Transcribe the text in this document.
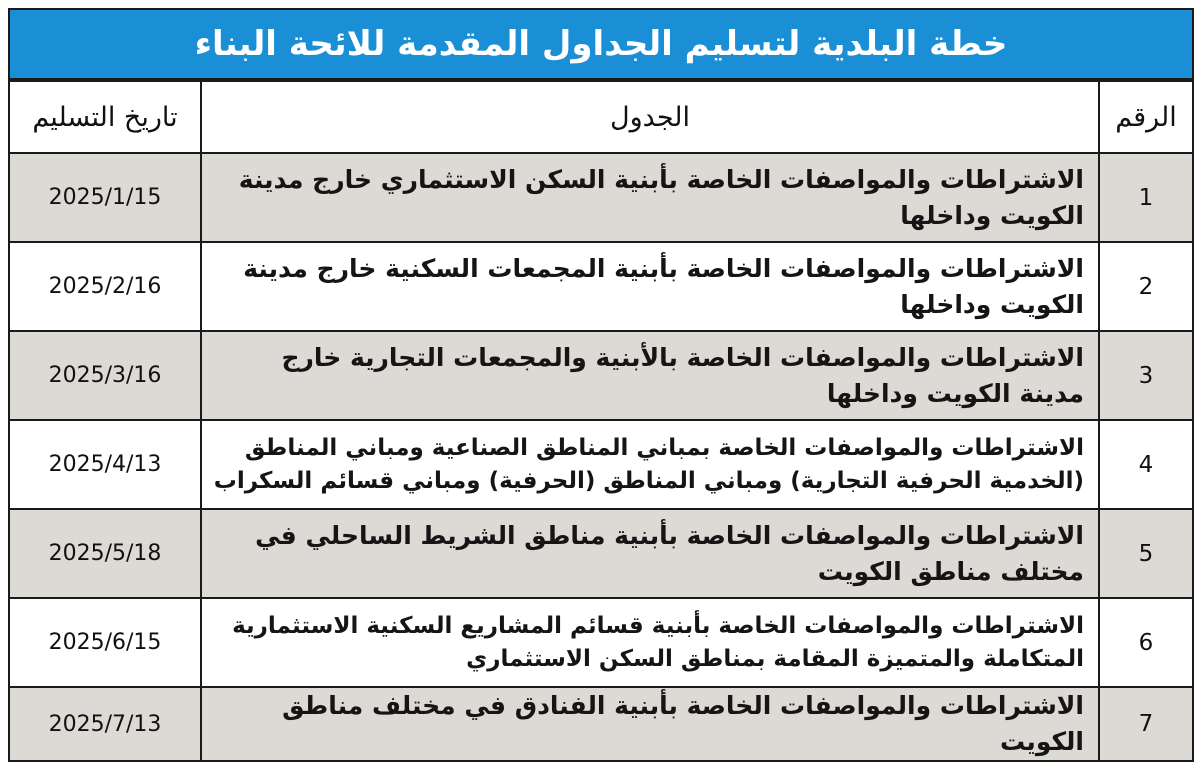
خطة البلدية لتسليم الجداول المقدمة للائحة البناء
الرقم	الجدول	تاريخ التسليم
1	الاشتراطات والمواصفات الخاصة بأبنية السكن الاستثماري خارج مدينة الكويت وداخلها	2025/1/15
2	الاشتراطات والمواصفات الخاصة بأبنية المجمعات السكنية خارج مدينة الكويت وداخلها	2025/2/16
3	الاشتراطات والمواصفات الخاصة بالأبنية والمجمعات التجارية خارج مدينة الكويت وداخلها	2025/3/16
4	الاشتراطات والمواصفات الخاصة بمباني المناطق الصناعية ومباني المناطق (الخدمية الحرفية التجارية) ومباني المناطق (الحرفية) ومباني قسائم السكراب	2025/4/13
5	الاشتراطات والمواصفات الخاصة بأبنية مناطق الشريط الساحلي في مختلف مناطق الكويت	2025/5/18
6	الاشتراطات والمواصفات الخاصة بأبنية قسائم المشاريع السكنية الاستثمارية المتكاملة والمتميزة المقامة بمناطق السكن الاستثماري	2025/6/15
7	الاشتراطات والمواصفات الخاصة بأبنية الفنادق في مختلف مناطق الكويت	2025/7/13
